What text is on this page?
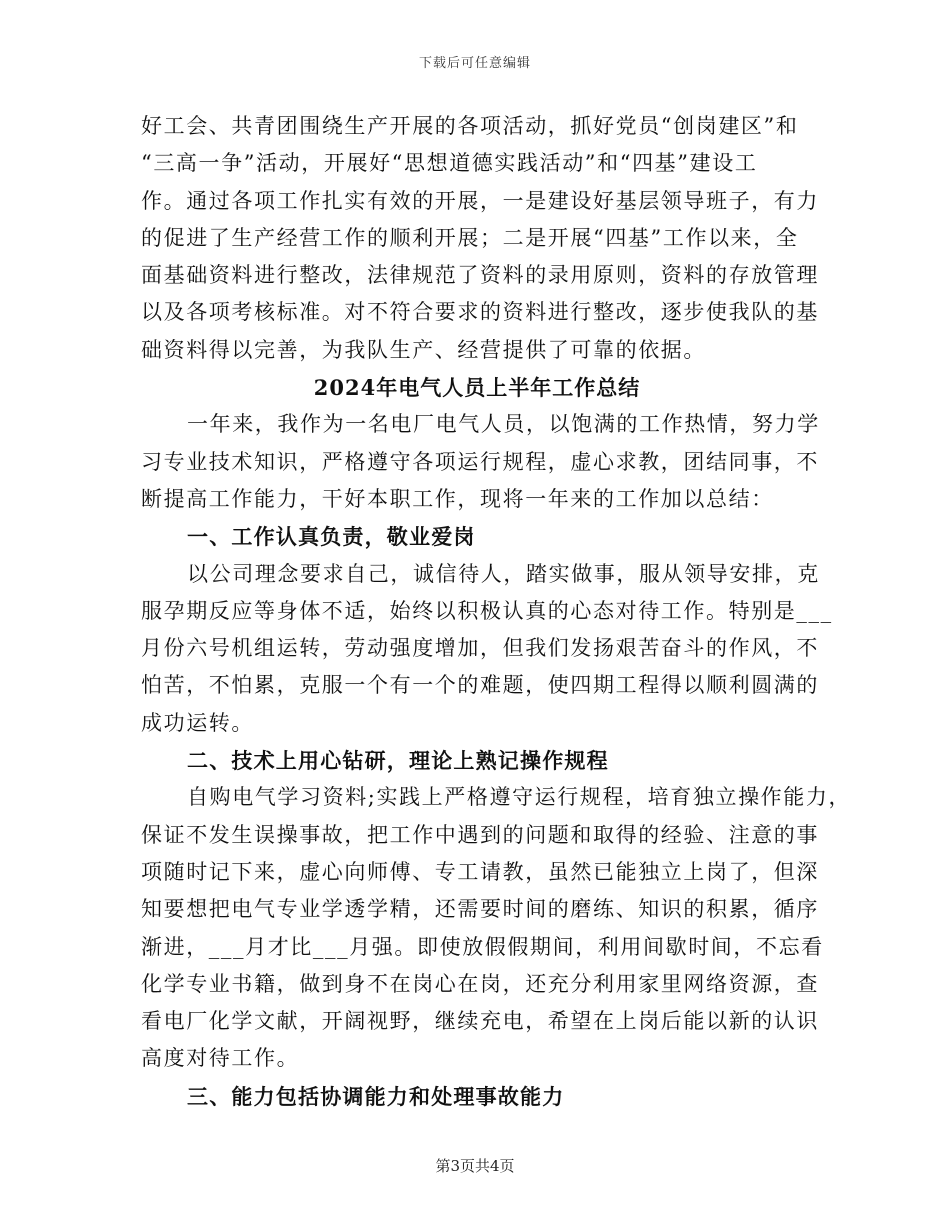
下载后可任意编辑
好工会、共青团围绕生产开展的各项活动，抓好党员“创岗建区”和
“三高一争”活动，开展好“思想道德实践活动”和“四基”建设工
作。通过各项工作扎实有效的开展，一是建设好基层领导班子，有力
的促进了生产经营工作的顺利开展；二是开展“四基”工作以来，全
面基础资料进行整改，法律规范了资料的录用原则，资料的存放管理
以及各项考核标准。对不符合要求的资料进行整改，逐步使我队的基
础资料得以完善，为我队生产、经营提供了可靠的依据。
2024年电气人员上半年工作总结
一年来，我作为一名电厂电气人员，以饱满的工作热情，努力学
习专业技术知识，严格遵守各项运行规程，虚心求教，团结同事，不
断提高工作能力，干好本职工作，现将一年来的工作加以总结：
一、工作认真负责，敬业爱岗
以公司理念要求自己，诚信待人，踏实做事，服从领导安排，克
服孕期反应等身体不适，始终以积极认真的心态对待工作。特别是___
月份六号机组运转，劳动强度增加，但我们发扬艰苦奋斗的作风，不
怕苦，不怕累，克服一个有一个的难题，使四期工程得以顺利圆满的
成功运转。
二、技术上用心钻研，理论上熟记操作规程
自购电气学习资料;实践上严格遵守运行规程，培育独立操作能力，
保证不发生误操事故，把工作中遇到的问题和取得的经验、注意的事
项随时记下来，虚心向师傅、专工请教，虽然已能独立上岗了，但深
知要想把电气专业学透学精，还需要时间的磨练、知识的积累，循序
渐进，___月才比___月强。即使放假假期间，利用间歇时间，不忘看
化学专业书籍，做到身不在岗心在岗，还充分利用家里网络资源，查
看电厂化学文献，开阔视野，继续充电，希望在上岗后能以新的认识
高度对待工作。
三、能力包括协调能力和处理事故能力
第3页共4页
